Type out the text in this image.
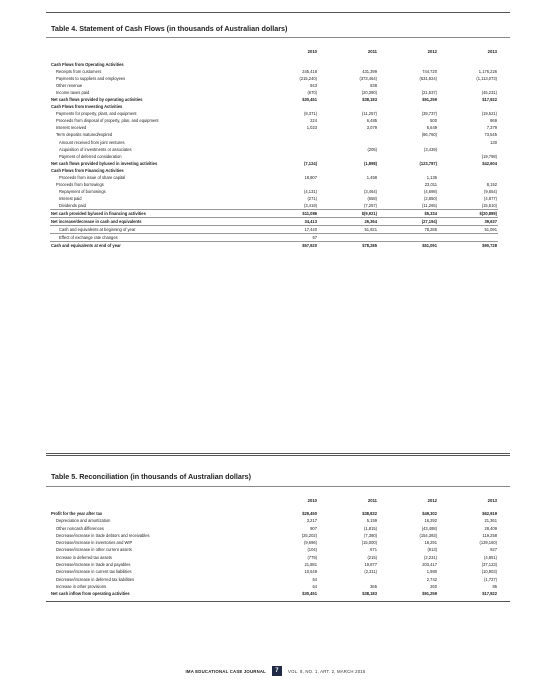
Table 4. Statement of Cash Flows (in thousands of Australian dollars)
	2010	2011	2012	2013
Cash Flows from Operating Activities				
Receipts from customers	245,418	431,399	744,720	1,176,226
Payments to suppliers and employees	(215,240)	(373,464)	(631,924)	(1,113,073)
Other revenue	943	638		
Income taxes paid	(670)	(20,390)	(21,537)	(45,231)
Net cash flows provided by operating activities	$30,451	$38,183	$91,259	$17,922
Cash Flows from Investing Activities				
Payments for property, plant, and equipment	(8,371)	(11,257)	(39,737)	(19,521)
Proceeds from disposal of property, plan, and equipment	224	6,485	500	869
Interest received	1,023	3,079	5,649	7,379
Term deposits matured/expired			(86,760)	73,545
Amount received from joint ventures				130
Acquisition of investments or associates		(205)	(3,439)	
Payment of deferred consideration				(19,798)
Net cash flows provided by/used in investing activities	(7,124)	(1,898)	(123,787)	$42,604
Cash Flows from Financing Activities				
Proceeds from issue of share capital	18,907	1,458	1,136	
Proceeds from borrowings			23,011	8,152
Repayment of borrowings	(4,131)	(3,464)	(4,698)	(9,654)
Interest paid	(271)	(658)	(2,850)	(4,877)
Dividends paid	(3,419)	(7,257)	(11,265)	(15,510)
Net cash provided by/used in financing activities	$11,086	$(9,921)	$5,334	$(20,889)
Net increase/decrease in cash and equivalents	34,413	26,364	(27,194)	39,637
Cash and equivalents at beginning of year	17,440	51,921	78,285	51,091
Effect of exchange rate changes	67			
Cash and equivalents at end of year	$57,920	$78,285	$51,091	$90,728
Table 5. Reconciliation (in thousands of Australian dollars)
	2010	2011	2012	2013
Profit for the year after tax	$29,450	$38,832	$49,302	$62,919
Depreciation and amortization	3,217	5,159	16,292	21,361
Other noncash differences	907	(1,815)	(43,488)	28,409
Decrease/increase in trade debtors and receivables	(25,202)	(7,380)	(154,393)	119,258
Decrease/increase in inventories and WIP	(9,696)	(15,000)	18,291	(139,160)
Decrease/increase in other current assets	(104)	671	(913)	927
Increase in deferred tax assets	(779)	(215)	(2,231)	(4,851)
Decrease/increase in trade and payables	21,881	19,877	203,417	(37,123)
Decrease/increase in current tax liabilities	10,649	(2,311)	1,980	(10,903)
Decrease/increase in deferred tax liabilities	64		2,742	(1,727)
Increase in other provisions	64	365	260	85
Net cash inflow from operating activities	$30,451	$38,183	$91,259	$17,922
IMA EDUCATIONAL CASE JOURNAL	7	VOL. 8, NO. 1, ART. 2, MARCH 2015
